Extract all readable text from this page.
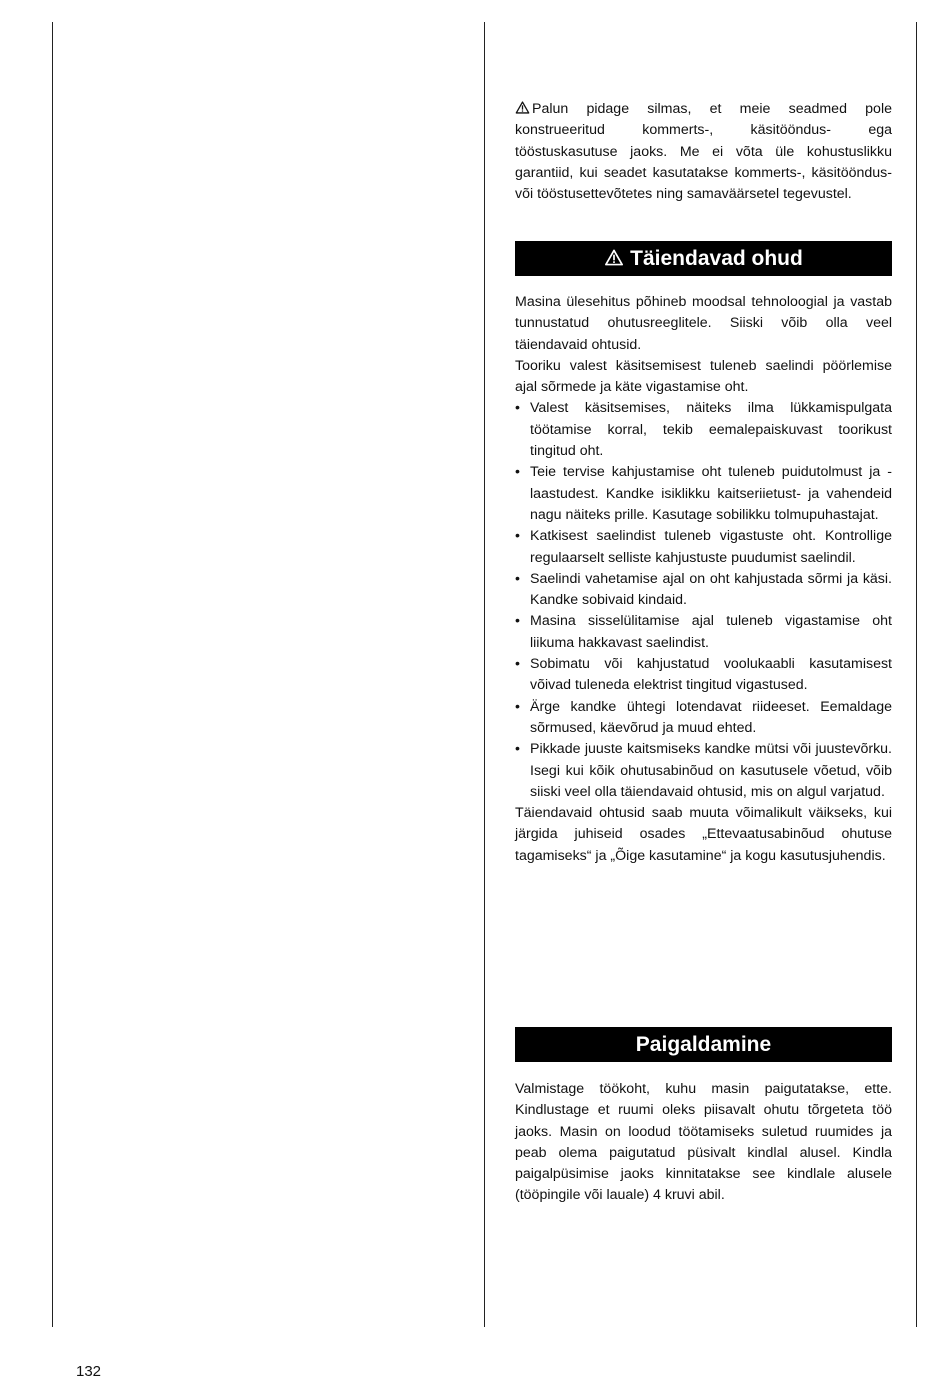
Palun pidage silmas, et meie seadmed pole konstrueeritud kommerts-, käsitööndus- ega tööstuskasutuse jaoks. Me ei võta üle kohustuslikku garantiid, kui seadet kasutatakse kommerts-, käsitööndus- või tööstusettevõtetes ning samaväärsetel tegevustel.

Täiendavad ohud

Masina ülesehitus põhineb moodsal tehnoloogial ja vastab tunnustatud ohutusreeglitele. Siiski võib olla veel täiendavaid ohtusid.

Tooriku valest käsitsemisest tuleneb saelindi pöörlemise ajal sõrmede ja käte vigastamise oht.

• Valest käsitsemises, näiteks ilma lükkamispulgata töötamise korral, tekib eemalepaiskuvast toorikust tingitud oht.
• Teie tervise kahjustamise oht tuleneb puidutolmust ja -laastudest. Kandke isiklikku kaitseriietust- ja vahendeid nagu näiteks prille. Kasutage sobilikku tolmupuhastajat.
• Katkisest saelindist tuleneb vigastuste oht. Kontrollige regulaarselt selliste kahjustuste puudumist saelindil.
• Saelindi vahetamise ajal on oht kahjustada sõrmi ja käsi. Kandke sobivaid kindaid.
• Masina sisselülitamise ajal tuleneb vigastamise oht liikuma hakkavast saelindist.
• Sobimatu või kahjustatud voolukaabli kasutamisest võivad tuleneda elektrist tingitud vigastused.
• Ärge kandke ühtegi lotendavat riideeset. Eemaldage sõrmused, käevõrud ja muud ehted.
• Pikkade juuste kaitsmiseks kandke mütsi või juustevõrku. Isegi kui kõik ohutusabinõud on kasutusele võetud, võib siiski veel olla täiendavaid ohtusid, mis on algul varjatud.

Täiendavaid ohtusid saab muuta võimalikult väikseks, kui järgida juhiseid osades „Ettevaatusabinõud ohutuse tagamiseks“ ja „Õige kasutamine“ ja kogu kasutusjuhendis.

Paigaldamine

Valmistage töökoht, kuhu masin paigutatakse, ette. Kindlustage et ruumi oleks piisavalt ohutu tõrgeteta töö jaoks. Masin on loodud töötamiseks suletud ruumides ja peab olema paigutatud püsivalt kindlal alusel. Kindla paigalpüsimise jaoks kinnitatakse see kindlale alusele (tööpingile või lauale) 4 kruvi abil.

132
